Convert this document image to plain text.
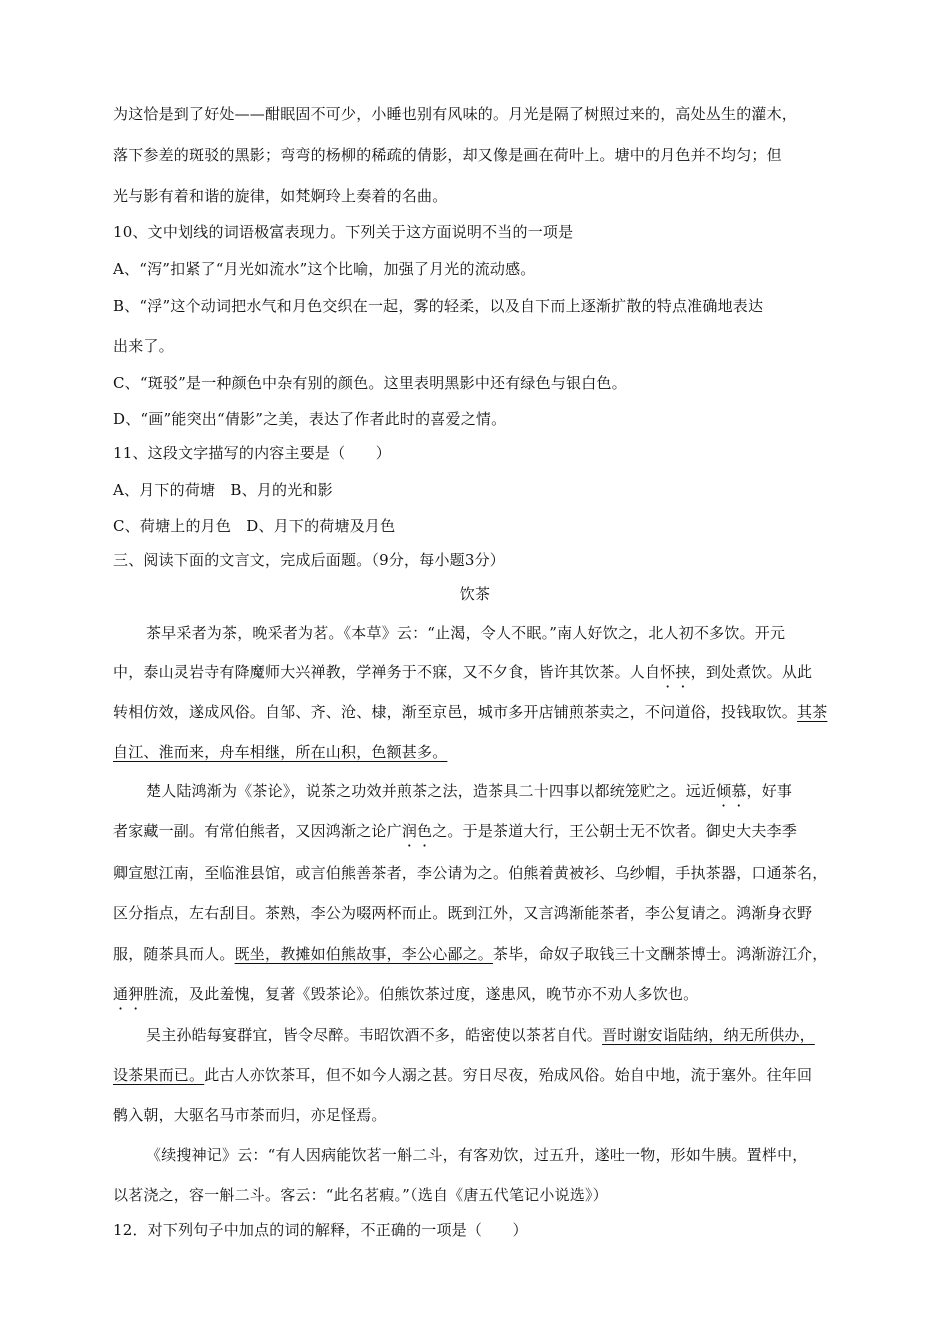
为这恰是到了好处——酣眠固不可少，小睡也别有风味的。月光是隔了树照过来的，高处丛生的灌木，
落下参差的斑驳的黑影；弯弯的杨柳的稀疏的倩影，却又像是画在荷叶上。塘中的月色并不均匀；但
光与影有着和谐的旋律，如梵婀玲上奏着的名曲。
10、文中划线的词语极富表现力。下列关于这方面说明不当的一项是
A、“泻”扣紧了“月光如流水”这个比喻，加强了月光的流动感。
B、“浮”这个动词把水气和月色交织在一起，雾的轻柔，以及自下而上逐渐扩散的特点准确地表达
出来了。
C、“斑驳”是一种颜色中杂有别的颜色。这里表明黑影中还有绿色与银白色。
D、“画”能突出“倩影”之美，表达了作者此时的喜爱之情。
11、这段文字描写的内容主要是（　　）
A、月下的荷塘　B、月的光和影
C、荷塘上的月色　D、月下的荷塘及月色
三、阅读下面的文言文，完成后面题。（9分，每小题3分）
饮茶
茶早采者为茶，晚采者为茗。《本草》云：“止渴，令人不眠。”南人好饮之，北人初不多饮。开元
中，泰山灵岩寺有降魔师大兴禅教，学禅务于不寐，又不夕食，皆许其饮茶。人自怀挟，到处煮饮。从此
转相仿效，遂成风俗。自邹、齐、沧、棣，渐至京邑，城市多开店铺煎茶卖之，不问道俗，投钱取饮。其茶
自江、淮而来，舟车相继，所在山积，色额甚多。
楚人陆鸿渐为《茶论》，说茶之功效并煎茶之法，造茶具二十四事以都统笼贮之。远近倾慕，好事
者家藏一副。有常伯熊者，又因鸿渐之论广润色之。于是茶道大行，王公朝士无不饮者。御史大夫李季
卿宣慰江南，至临淮县馆，或言伯熊善茶者，李公请为之。伯熊着黄被衫、乌纱帽，手执茶器，口通茶名，
区分指点，左右刮目。茶熟，李公为啜两杯而止。既到江外，又言鸿渐能茶者，李公复请之。鸿渐身衣野
服，随茶具而人。既坐，教摊如伯熊故事，李公心鄙之。茶毕，命奴子取钱三十文酬茶博士。鸿渐游江介，
通狎胜流，及此羞愧，复著《毁茶论》。伯熊饮茶过度，遂患风，晚节亦不劝人多饮也。
吴主孙皓每宴群宜，皆令尽醉。韦昭饮酒不多，皓密使以茶茗自代。晋时谢安诣陆纳，纳无所供办，
设茶果而已。此古人亦饮茶耳，但不如今人溺之甚。穷日尽夜，殆成风俗。始自中地，流于塞外。往年回
鹘入朝，大驱名马市茶而归，亦足怪焉。
《续搜神记》云：“有人因病能饮茗一斛二斗，有客劝饮，过五升，遂吐一物，形如牛胰。置柈中，
以茗浇之，容一斛二斗。客云：“此名茗瘕。”（选自《唐五代笔记小说选》）
12．对下列句子中加点的词的解释，不正确的一项是（　　）
